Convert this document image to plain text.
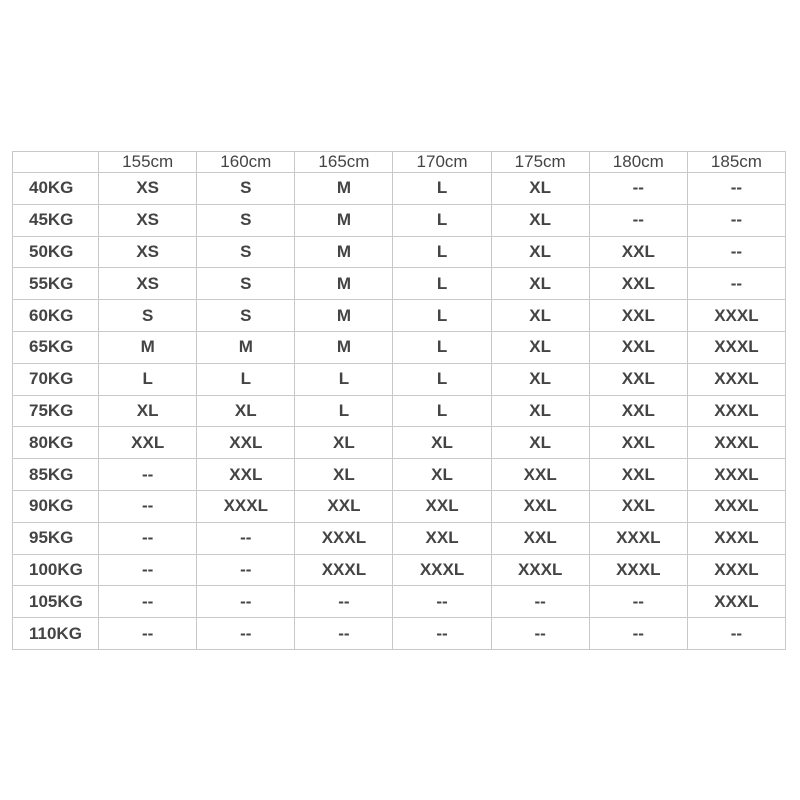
	155cm	160cm	165cm	170cm	175cm	180cm	185cm
40KG	XS	S	M	L	XL	--	--
45KG	XS	S	M	L	XL	--	--
50KG	XS	S	M	L	XL	XXL	--
55KG	XS	S	M	L	XL	XXL	--
60KG	S	S	M	L	XL	XXL	XXXL
65KG	M	M	M	L	XL	XXL	XXXL
70KG	L	L	L	L	XL	XXL	XXXL
75KG	XL	XL	L	L	XL	XXL	XXXL
80KG	XXL	XXL	XL	XL	XL	XXL	XXXL
85KG	--	XXL	XL	XL	XXL	XXL	XXXL
90KG	--	XXXL	XXL	XXL	XXL	XXL	XXXL
95KG	--	--	XXXL	XXL	XXL	XXXL	XXXL
100KG	--	--	XXXL	XXXL	XXXL	XXXL	XXXL
105KG	--	--	--	--	--	--	XXXL
110KG	--	--	--	--	--	--	--
